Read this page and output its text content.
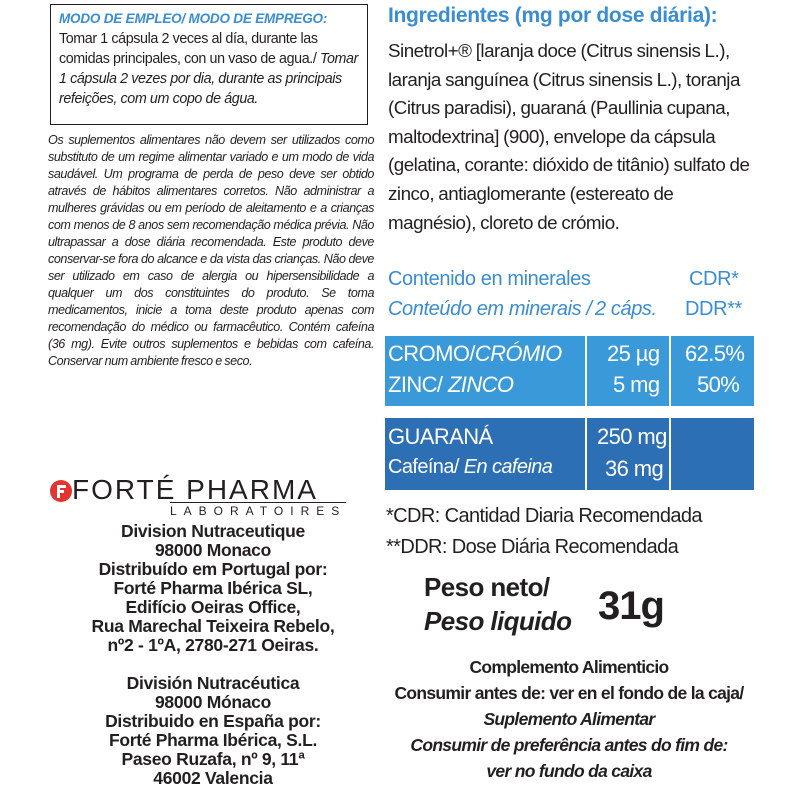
MODO DE EMPLEO/ MODO DE EMPREGO:
Tomar 1 cápsula 2 veces al día, durante las comidas principales, con un vaso de agua./ Tomar 1 cápsula 2 vezes por dia, durante as principais refeições, com um copo de água.
Os suplementos alimentares não devem ser utilizados como substituto de um regime alimentar variado e um modo de vida saudável. Um programa de perda de peso deve ser obtido através de hábitos alimentares corretos. Não administrar a mulheres grávidas ou em período de aleitamento e a crianças com menos de 8 anos sem recomendação médica prévia. Não ultrapassar a dose diária recomendada. Este produto deve conservar-se fora do alcance e da vista das crianças. Não deve ser utilizado em caso de alergia ou hipersensibilidade a qualquer um dos constituintes do produto. Se toma medicamentos, inicie a toma deste produto apenas com recomendação do médico ou farmacêutico. Contém cafeína (36 mg). Evite outros suplementos e bebidas com cafeína. Conservar num ambiente fresco e seco.
FORTÉ PHARMA
LABORATOIRES
Division Nutraceutique
98000 Monaco
Distribuído em Portugal por:
Forté Pharma Ibérica SL,
Edifício Oeiras Office,
Rua Marechal Teixeira Rebelo,
nº2 - 1ºA, 2780-271 Oeiras.
División Nutracéutica
98000 Mónaco
Distribuido en España por:
Forté Pharma Ibérica, S.L.
Paseo Ruzafa, nº 9, 11ª
46002 Valencia
Ingredientes (mg por dose diária):
Sinetrol+® [laranja doce (Citrus sinensis L.), laranja sanguínea (Citrus sinensis L.), toranja (Citrus paradisi), guaraná (Paullinia cupana, maltodextrina] (900), envelope da cápsula (gelatina, corante: dióxido de titânio) sulfato de zinco, antiaglomerante (estereato de magnésio), cloreto de crómio.
Contenido en minerales
Conteúdo em minerais / 2 cáps.
CDR*
DDR**
CROMO/CRÓMIO
ZINC/ ZINCO
25 µg
5 mg
62.5%
50%
GUARANÁ
Cafeína/ En cafeina
250 mg
36 mg
*CDR: Cantidad Diaria Recomendada
**DDR: Dose Diária Recomendada
Peso neto/
Peso liquido 31g
Complemento Alimenticio
Consumir antes de: ver en el fondo de la caja/
Suplemento Alimentar
Consumir de preferência antes do fim de:
ver no fundo da caixa
